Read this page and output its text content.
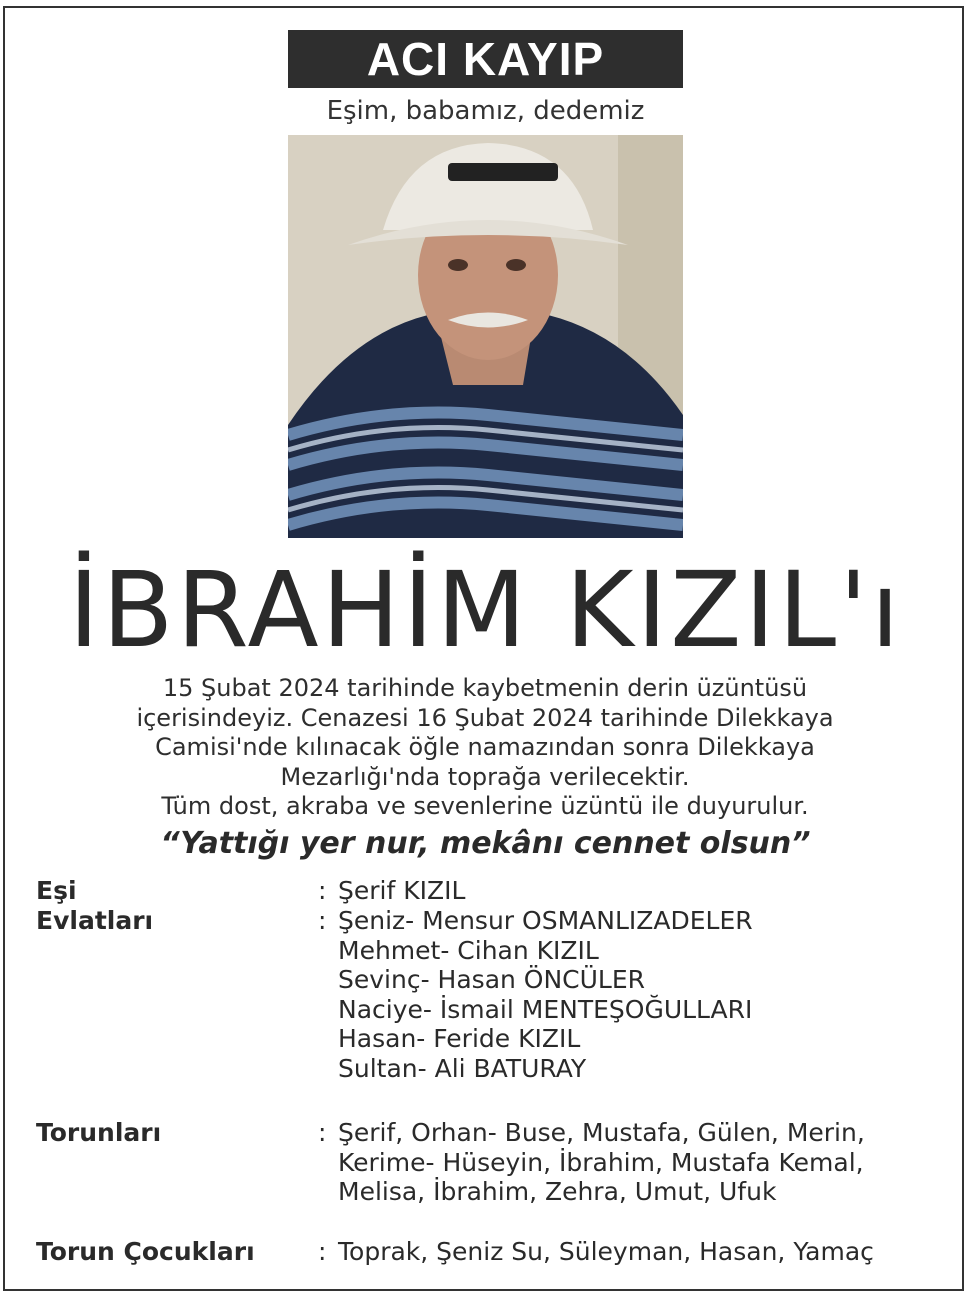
ACI KAYIP
Eşim, babamız, dedemiz
İBRAHİM KIZIL'ı
15 Şubat 2024 tarihinde kaybetmenin derin üzüntüsü
içerisindeyiz. Cenazesi 16 Şubat 2024 tarihinde Dilekkaya
Camisi'nde kılınacak öğle namazından sonra Dilekkaya
Mezarlığı'nda toprağa verilecektir.
Tüm dost, akraba ve sevenlerine üzüntü ile duyurulur.
“Yattığı yer nur, mekânı cennet olsun”
Eşi	: Şerif KIZIL
Evlatları	: Şeniz- Mensur OSMANLIZADELER
Mehmet- Cihan KIZIL
Sevinç- Hasan ÖNCÜLER
Naciye- İsmail MENTEŞOĞULLARI
Hasan- Feride KIZIL
Sultan- Ali BATURAY
Torunları	: Şerif, Orhan- Buse, Mustafa, Gülen, Merin,
Kerime- Hüseyin, İbrahim, Mustafa Kemal,
Melisa, İbrahim, Zehra, Umut, Ufuk
Torun Çocukları	: Toprak, Şeniz Su, Süleyman, Hasan, Yamaç
